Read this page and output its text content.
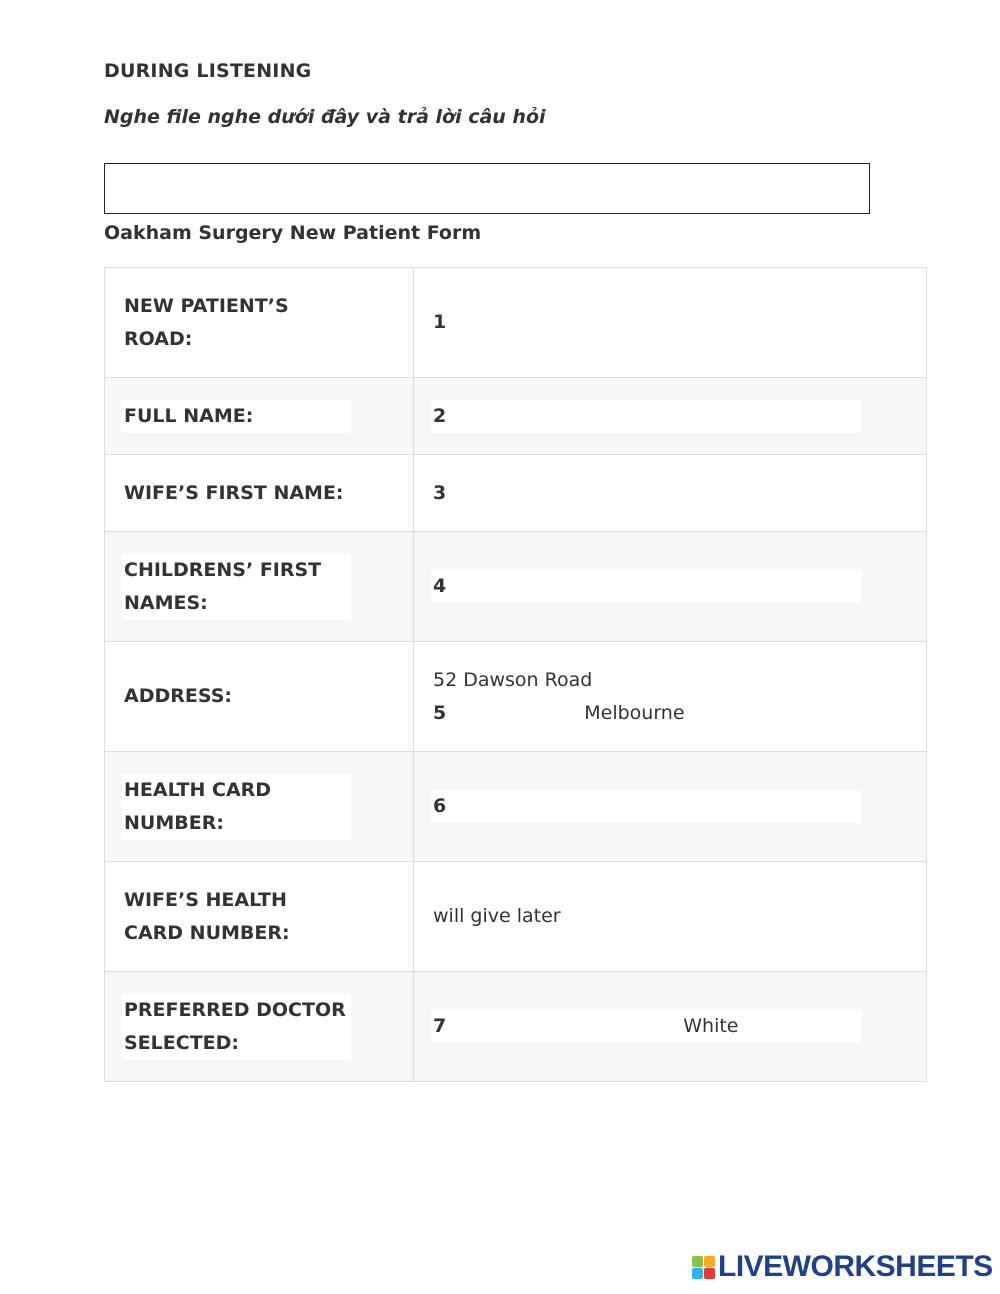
DURING LISTENING
Nghe file nghe dưới đây và trả lời câu hỏi
Oakham Surgery New Patient Form
NEW PATIENT’S ROAD:	1
FULL NAME:	2
WIFE’S FIRST NAME:	3
CHILDRENS’ FIRST NAMES:	4
ADDRESS:	52 Dawson Road
5 Melbourne

HEALTH CARD NUMBER:	6
WIFE’S HEALTH CARD NUMBER:	will give later
PREFERRED DOCTOR SELECTED:	7 White
LIVEWORKSHEETS
